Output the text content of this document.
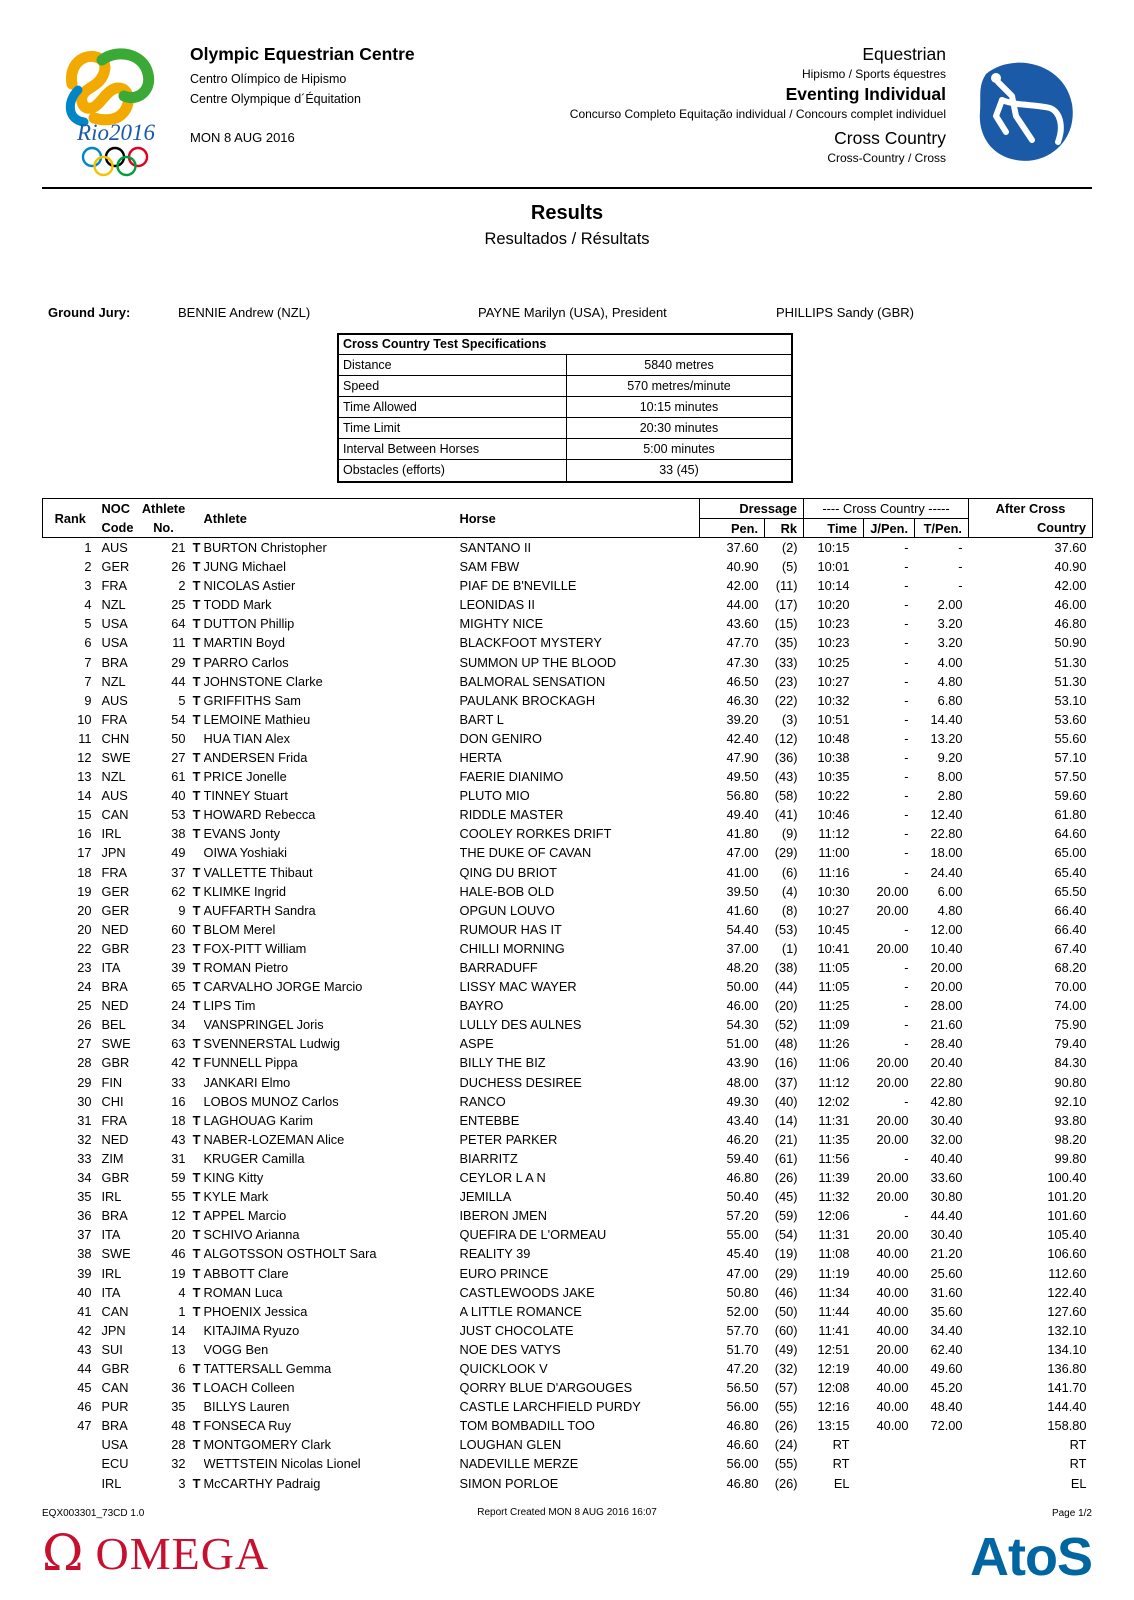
Rio2016
Olympic Equestrian Centre
Centro Olímpico de Hipismo
Centre Olympique d´Équitation
MON 8 AUG 2016
Equestrian
Hipismo / Sports équestres
Eventing Individual
Concurso Completo Equitação individual / Concours complet individuel
Cross Country
Cross-Country / Cross
Results
Resultados / Résultats
Ground Jury:	BENNIE Andrew (NZL)	PAYNE Marilyn (USA), President	PHILLIPS Sandy (GBR)
Cross Country Test Specifications
Distance	5840 metres
Speed	570 metres/minute
Time Allowed	10:15 minutes
Time Limit	20:30 minutes
Interval Between Horses	5:00 minutes
Obstacles (efforts)	33 (45)
Rank	NOC	Athlete		Athlete	Horse	Dressage		---- Cross Country -----			After Cross
	Code	No.				Pen.	Rk	Time	J/Pen.	T/Pen.	Country
1	AUS	21	T	BURTON Christopher	SANTANO II	37.60	(2)	10:15	-	-	37.60
2	GER	26	T	JUNG Michael	SAM FBW	40.90	(5)	10:01	-	-	40.90
3	FRA	2	T	NICOLAS Astier	PIAF DE B'NEVILLE	42.00	(11)	10:14	-	-	42.00
4	NZL	25	T	TODD Mark	LEONIDAS II	44.00	(17)	10:20	-	2.00	46.00
5	USA	64	T	DUTTON Phillip	MIGHTY NICE	43.60	(15)	10:23	-	3.20	46.80
6	USA	11	T	MARTIN Boyd	BLACKFOOT MYSTERY	47.70	(35)	10:23	-	3.20	50.90
7	BRA	29	T	PARRO Carlos	SUMMON UP THE BLOOD	47.30	(33)	10:25	-	4.00	51.30
7	NZL	44	T	JOHNSTONE Clarke	BALMORAL SENSATION	46.50	(23)	10:27	-	4.80	51.30
9	AUS	5	T	GRIFFITHS Sam	PAULANK BROCKAGH	46.30	(22)	10:32	-	6.80	53.10
10	FRA	54	T	LEMOINE Mathieu	BART L	39.20	(3)	10:51	-	14.40	53.60
11	CHN	50		HUA TIAN Alex	DON GENIRO	42.40	(12)	10:48	-	13.20	55.60
12	SWE	27	T	ANDERSEN Frida	HERTA	47.90	(36)	10:38	-	9.20	57.10
13	NZL	61	T	PRICE Jonelle	FAERIE DIANIMO	49.50	(43)	10:35	-	8.00	57.50
14	AUS	40	T	TINNEY Stuart	PLUTO MIO	56.80	(58)	10:22	-	2.80	59.60
15	CAN	53	T	HOWARD Rebecca	RIDDLE MASTER	49.40	(41)	10:46	-	12.40	61.80
16	IRL	38	T	EVANS Jonty	COOLEY RORKES DRIFT	41.80	(9)	11:12	-	22.80	64.60
17	JPN	49		OIWA Yoshiaki	THE DUKE OF CAVAN	47.00	(29)	11:00	-	18.00	65.00
18	FRA	37	T	VALLETTE Thibaut	QING DU BRIOT	41.00	(6)	11:16	-	24.40	65.40
19	GER	62	T	KLIMKE Ingrid	HALE-BOB OLD	39.50	(4)	10:30	20.00	6.00	65.50
20	GER	9	T	AUFFARTH Sandra	OPGUN LOUVO	41.60	(8)	10:27	20.00	4.80	66.40
20	NED	60	T	BLOM Merel	RUMOUR HAS IT	54.40	(53)	10:45	-	12.00	66.40
22	GBR	23	T	FOX-PITT William	CHILLI MORNING	37.00	(1)	10:41	20.00	10.40	67.40
23	ITA	39	T	ROMAN Pietro	BARRADUFF	48.20	(38)	11:05	-	20.00	68.20
24	BRA	65	T	CARVALHO JORGE Marcio	LISSY MAC WAYER	50.00	(44)	11:05	-	20.00	70.00
25	NED	24	T	LIPS Tim	BAYRO	46.00	(20)	11:25	-	28.00	74.00
26	BEL	34		VANSPRINGEL Joris	LULLY DES AULNES	54.30	(52)	11:09	-	21.60	75.90
27	SWE	63	T	SVENNERSTAL Ludwig	ASPE	51.00	(48)	11:26	-	28.40	79.40
28	GBR	42	T	FUNNELL Pippa	BILLY THE BIZ	43.90	(16)	11:06	20.00	20.40	84.30
29	FIN	33		JANKARI Elmo	DUCHESS DESIREE	48.00	(37)	11:12	20.00	22.80	90.80
30	CHI	16		LOBOS MUNOZ Carlos	RANCO	49.30	(40)	12:02	-	42.80	92.10
31	FRA	18	T	LAGHOUAG Karim	ENTEBBE	43.40	(14)	11:31	20.00	30.40	93.80
32	NED	43	T	NABER-LOZEMAN Alice	PETER PARKER	46.20	(21)	11:35	20.00	32.00	98.20
33	ZIM	31		KRUGER Camilla	BIARRITZ	59.40	(61)	11:56	-	40.40	99.80
34	GBR	59	T	KING Kitty	CEYLOR L A N	46.80	(26)	11:39	20.00	33.60	100.40
35	IRL	55	T	KYLE Mark	JEMILLA	50.40	(45)	11:32	20.00	30.80	101.20
36	BRA	12	T	APPEL Marcio	IBERON JMEN	57.20	(59)	12:06	-	44.40	101.60
37	ITA	20	T	SCHIVO Arianna	QUEFIRA DE L'ORMEAU	55.00	(54)	11:31	20.00	30.40	105.40
38	SWE	46	T	ALGOTSSON OSTHOLT Sara	REALITY 39	45.40	(19)	11:08	40.00	21.20	106.60
39	IRL	19	T	ABBOTT Clare	EURO PRINCE	47.00	(29)	11:19	40.00	25.60	112.60
40	ITA	4	T	ROMAN Luca	CASTLEWOODS JAKE	50.80	(46)	11:34	40.00	31.60	122.40
41	CAN	1	T	PHOENIX Jessica	A LITTLE ROMANCE	52.00	(50)	11:44	40.00	35.60	127.60
42	JPN	14		KITAJIMA Ryuzo	JUST CHOCOLATE	57.70	(60)	11:41	40.00	34.40	132.10
43	SUI	13		VOGG Ben	NOE DES VATYS	51.70	(49)	12:51	20.00	62.40	134.10
44	GBR	6	T	TATTERSALL Gemma	QUICKLOOK V	47.20	(32)	12:19	40.00	49.60	136.80
45	CAN	36	T	LOACH Colleen	QORRY BLUE D'ARGOUGES	56.50	(57)	12:08	40.00	45.20	141.70
46	PUR	35		BILLYS Lauren	CASTLE LARCHFIELD PURDY	56.00	(55)	12:16	40.00	48.40	144.40
47	BRA	48	T	FONSECA Ruy	TOM BOMBADILL TOO	46.80	(26)	13:15	40.00	72.00	158.80
	USA	28	T	MONTGOMERY Clark	LOUGHAN GLEN	46.60	(24)	RT			RT
	ECU	32		WETTSTEIN Nicolas Lionel	NADEVILLE MERZE	56.00	(55)	RT			RT
	IRL	3	T	McCARTHY Padraig	SIMON PORLOE	46.80	(26)	EL			EL
EQX003301_73CD 1.0	Report Created MON 8 AUG 2016 16:07	Page 1/2
Ω OMEGA	AtoS
